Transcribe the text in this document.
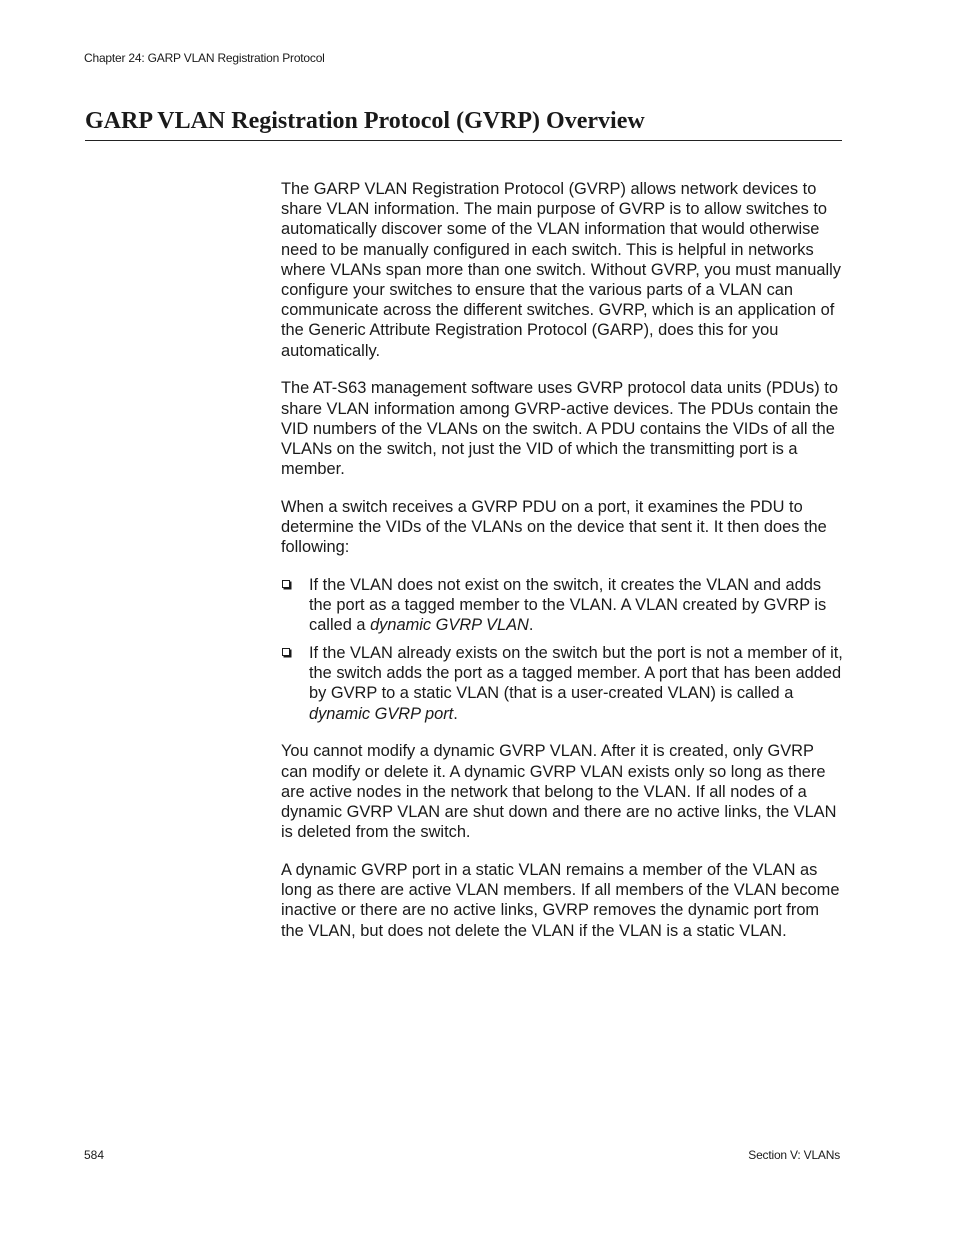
Chapter 24: GARP VLAN Registration Protocol
GARP VLAN Registration Protocol (GVRP) Overview

The GARP VLAN Registration Protocol (GVRP) allows network devices to share VLAN information. The main purpose of GVRP is to allow switches to automatically discover some of the VLAN information that would otherwise need to be manually configured in each switch. This is helpful in networks where VLANs span more than one switch. Without GVRP, you must manually configure your switches to ensure that the various parts of a VLAN can communicate across the different switches. GVRP, which is an application of the Generic Attribute Registration Protocol (GARP), does this for you automatically.

The AT-S63 management software uses GVRP protocol data units (PDUs) to share VLAN information among GVRP-active devices. The PDUs contain the VID numbers of the VLANs on the switch. A PDU contains the VIDs of all the VLANs on the switch, not just the VID of which the transmitting port is a member.

When a switch receives a GVRP PDU on a port, it examines the PDU to determine the VIDs of the VLANs on the device that sent it. It then does the following:

If the VLAN does not exist on the switch, it creates the VLAN and adds the port as a tagged member to the VLAN. A VLAN created by GVRP is called a dynamic GVRP VLAN.
If the VLAN already exists on the switch but the port is not a member of it, the switch adds the port as a tagged member. A port that has been added by GVRP to a static VLAN (that is a user-created VLAN) is called a dynamic GVRP port.

You cannot modify a dynamic GVRP VLAN. After it is created, only GVRP can modify or delete it. A dynamic GVRP VLAN exists only so long as there are active nodes in the network that belong to the VLAN. If all nodes of a dynamic GVRP VLAN are shut down and there are no active links, the VLAN is deleted from the switch.

A dynamic GVRP port in a static VLAN remains a member of the VLAN as long as there are active VLAN members. If all members of the VLAN become inactive or there are no active links, GVRP removes the dynamic port from the VLAN, but does not delete the VLAN if the VLAN is a static VLAN.

584	Section V: VLANs
